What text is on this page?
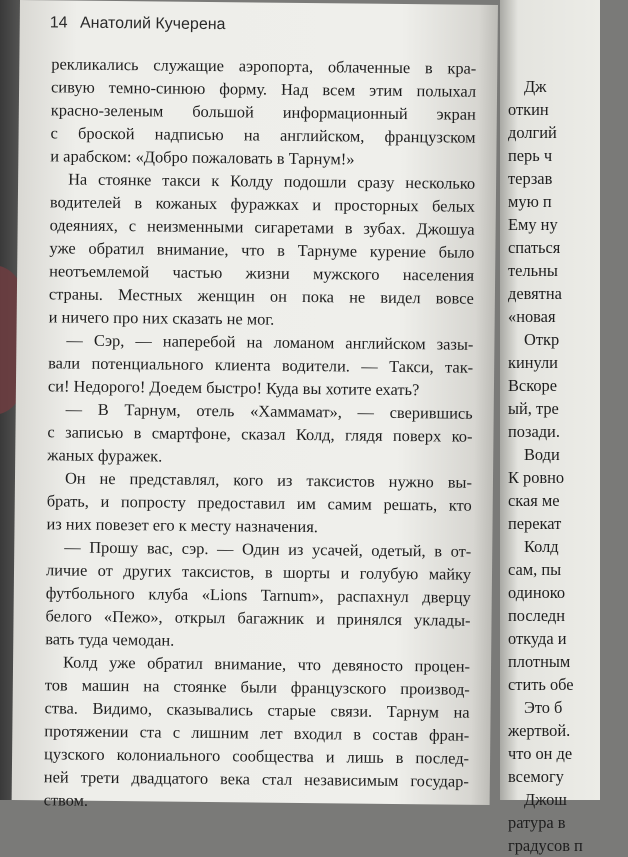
14 Анатолий Кучерена
рекликались служащие аэропорта, облаченные в кра-
сивую темно-синюю форму. Над всем этим полыхал
красно-зеленым большой информационный экран
с броской надписью на английском, французском
и арабском: «Добро пожаловать в Тарнум!»
На стоянке такси к Колду подошли сразу несколько
водителей в кожаных фуражках и просторных белых
одеяниях, с неизменными сигаретами в зубах. Джошуа
уже обратил внимание, что в Тарнуме курение было
неотъемлемой частью жизни мужского населения
страны. Местных женщин он пока не видел вовсе
и ничего про них сказать не мог.
— Сэр, — наперебой на ломаном английском зазы-
вали потенциального клиента водители. — Такси, так-
си! Недорого! Доедем быстро! Куда вы хотите ехать?
— В Тарнум, отель «Хаммамат», — сверившись
с записью в смартфоне, сказал Колд, глядя поверх ко-
жаных фуражек.
Он не представлял, кого из таксистов нужно вы-
брать, и попросту предоставил им самим решать, кто
из них повезет его к месту назначения.
— Прошу вас, сэр. — Один из усачей, одетый, в от-
личие от других таксистов, в шорты и голубую майку
футбольного клуба «Lions Tarnum», распахнул дверцу
белого «Пежо», открыл багажник и принялся уклады-
вать туда чемодан.
Колд уже обратил внимание, что девяносто процен-
тов машин на стоянке были французского производ-
ства. Видимо, сказывались старые связи. Тарнум на
протяжении ста с лишним лет входил в состав фран-
цузского колониального сообщества и лишь в послед-
ней трети двадцатого века стал независимым государ-
ством.

Дж
откин
долгий
перь ч
терзав
мую п
Ему ну
спаться
тельны
девятна
«новая
Откр
кинули
Вскоре
ый, тре
позади.
Води
К ровно
ская ме
перекат
Колд
сам, пы
одиноко
последн
откуда и
плотным
стить обе
Это б
жертвой.
что он де
всемогу
Джош
ратура в
градусов п
